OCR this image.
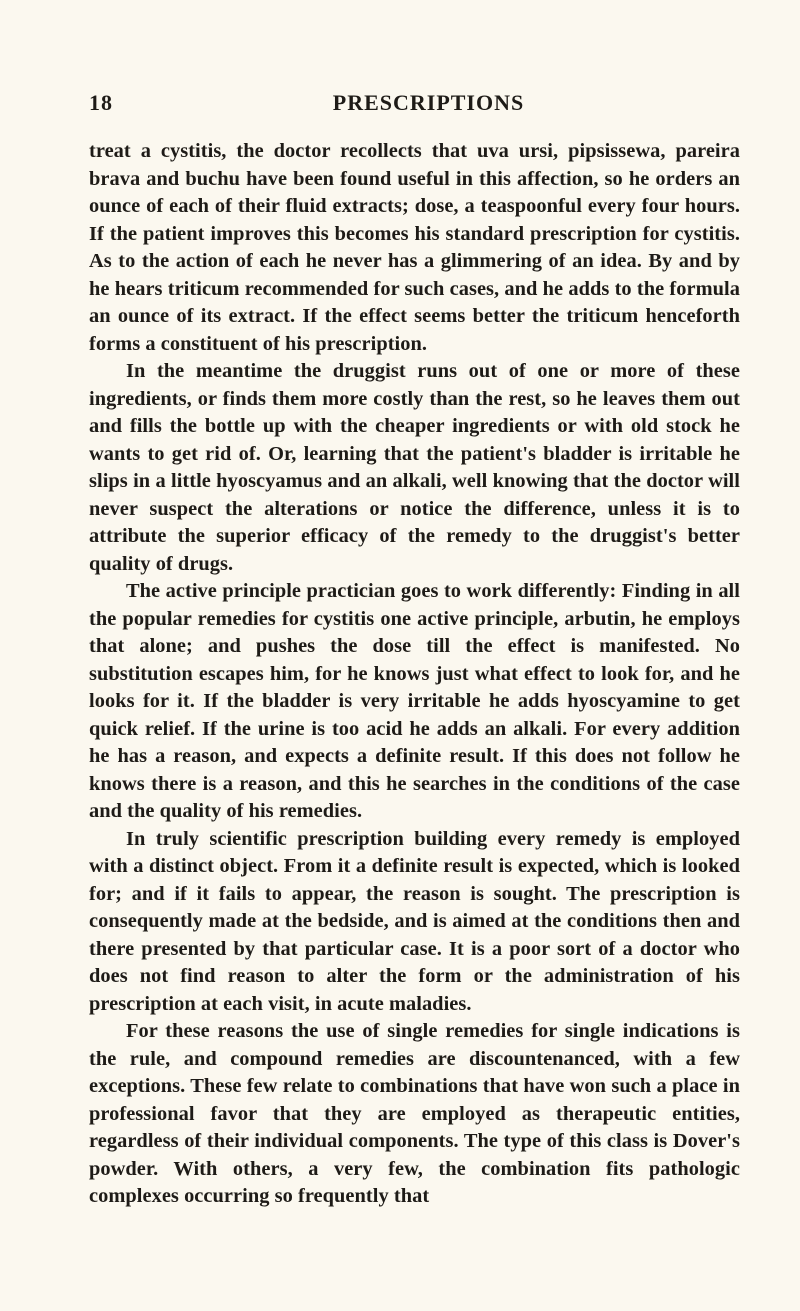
18	PRESCRIPTIONS

treat a cystitis, the doctor recollects that uva ursi, pipsissewa, pareira brava and buchu have been found useful in this affection, so he orders an ounce of each of their fluid extracts; dose, a teaspoonful every four hours. If the patient improves this becomes his standard prescription for cystitis. As to the action of each he never has a glimmering of an idea. By and by he hears triticum recommended for such cases, and he adds to the formula an ounce of its extract. If the effect seems better the triticum henceforth forms a constituent of his prescription.

In the meantime the druggist runs out of one or more of these ingredients, or finds them more costly than the rest, so he leaves them out and fills the bottle up with the cheaper ingredients or with old stock he wants to get rid of. Or, learning that the patient's bladder is irritable he slips in a little hyoscyamus and an alkali, well knowing that the doctor will never suspect the alterations or notice the difference, unless it is to attribute the superior efficacy of the remedy to the druggist's better quality of drugs.

The active principle practician goes to work differently: Finding in all the popular remedies for cystitis one active principle, arbutin, he employs that alone; and pushes the dose till the effect is manifested. No substitution escapes him, for he knows just what effect to look for, and he looks for it. If the bladder is very irritable he adds hyoscyamine to get quick relief. If the urine is too acid he adds an alkali. For every addition he has a reason, and expects a definite result. If this does not follow he knows there is a reason, and this he searches in the conditions of the case and the quality of his remedies.

In truly scientific prescription building every remedy is employed with a distinct object. From it a definite result is expected, which is looked for; and if it fails to appear, the reason is sought. The prescription is consequently made at the bedside, and is aimed at the conditions then and there presented by that particular case. It is a poor sort of a doctor who does not find reason to alter the form or the administration of his prescription at each visit, in acute maladies.

For these reasons the use of single remedies for single indications is the rule, and compound remedies are discountenanced, with a few exceptions. These few relate to combinations that have won such a place in professional favor that they are employed as therapeutic entities, regardless of their individual components. The type of this class is Dover's powder. With others, a very few, the combination fits pathologic complexes occurring so frequently that
